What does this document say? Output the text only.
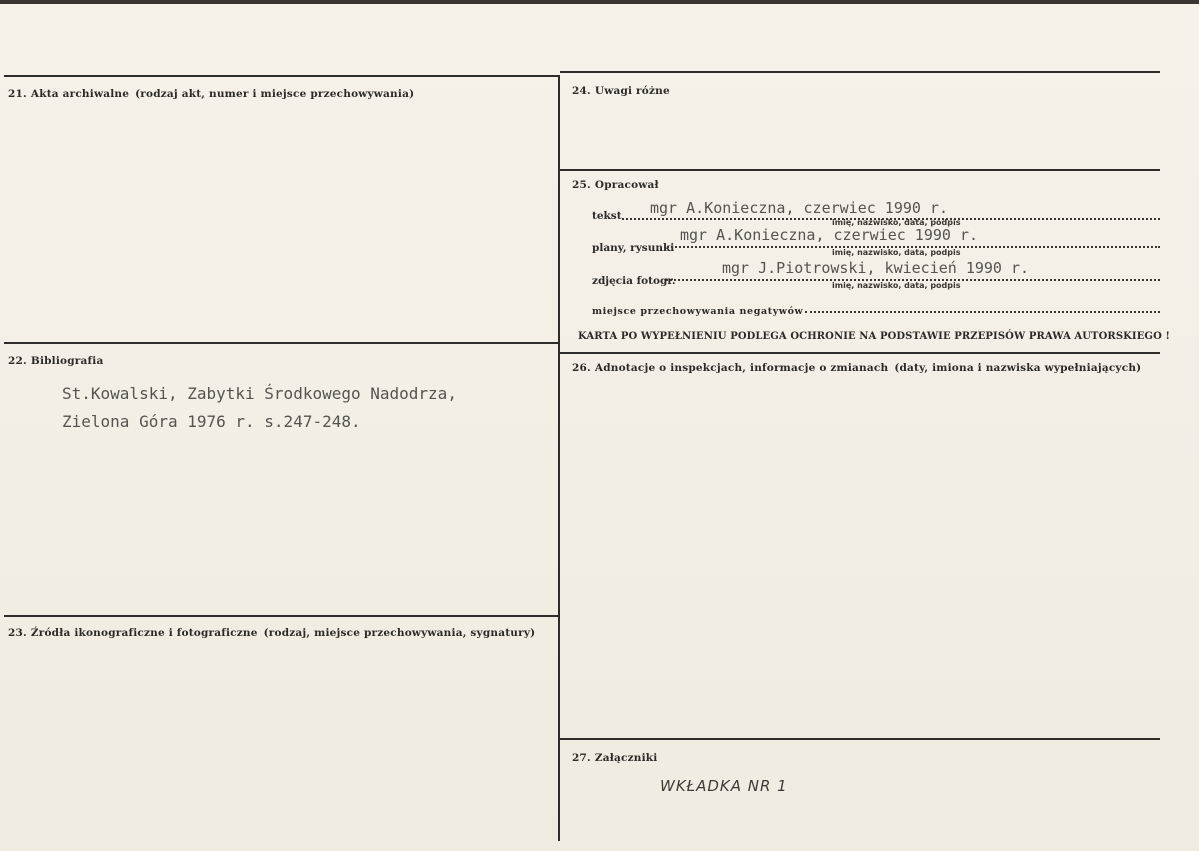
21. Akta archiwalne (rodzaj akt, numer i miejsce przechowywania)
22. Bibliografia
St.Kowalski, Zabytki Środkowego Nadodrza,
Zielona Góra 1976 r. s.247-248.
23. Źródła ikonograficzne i fotograficzne (rodzaj, miejsce przechowywania, sygnatury)
24. Uwagi różne
25. Opracował
tekst mgr A.Konieczna, czerwiec 1990 r.
imię, nazwisko, data, podpis
plany, rysunki
mgr A.Konieczna, czerwiec 1990 r.
imię, nazwisko, data, podpis
zdjęcia fotogr.
mgr J.Piotrowski, kwiecień 1990 r.
imię, nazwisko, data, podpis
miejsce przechowywania negatywów
KARTA PO WYPEŁNIENIU PODLEGA OCHRONIE NA PODSTAWIE PRZEPISÓW PRAWA AUTORSKIEGO !
26. Adnotacje o inspekcjach, informacje o zmianach (daty, imiona i nazwiska wypełniających)
27. Załączniki
WKŁADKA NR 1
